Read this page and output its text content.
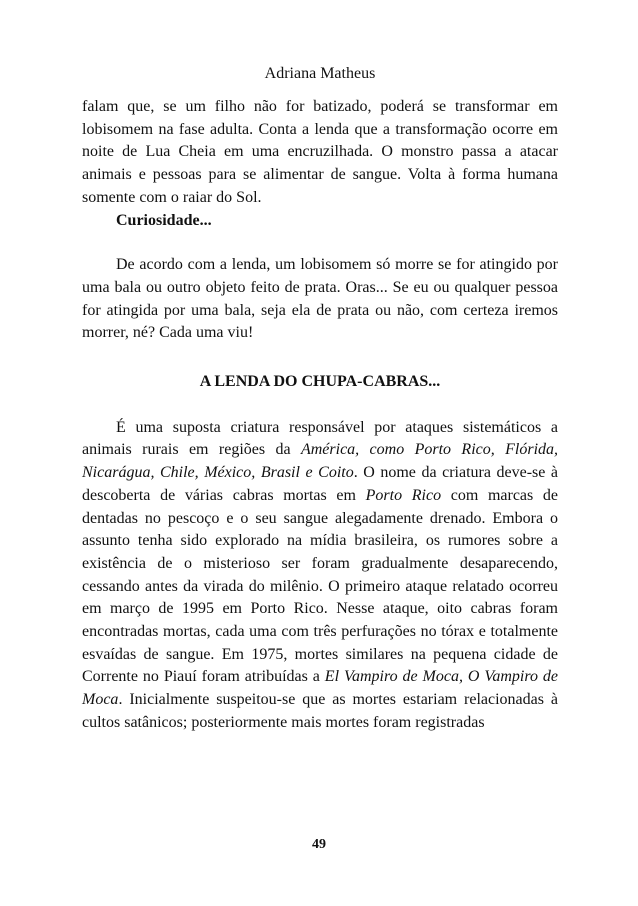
Adriana Matheus

falam que, se um filho não for batizado, poderá se transformar em lobisomem na fase adulta. Conta a lenda que a transformação ocorre em noite de Lua Cheia em uma encruzilhada. O monstro passa a atacar animais e pessoas para se alimentar de sangue. Volta à forma humana somente com o raiar do Sol.

Curiosidade...

De acordo com a lenda, um lobisomem só morre se for atingido por uma bala ou outro objeto feito de prata. Oras... Se eu ou qualquer pessoa for atingida por uma bala, seja ela de prata ou não, com certeza iremos morrer, né? Cada uma viu!

A LENDA DO CHUPA-CABRAS...

É uma suposta criatura responsável por ataques sistemáticos a animais rurais em regiões da América, como Porto Rico, Flórida, Nicarágua, Chile, México, Brasil e Coito. O nome da criatura deve-se à descoberta de várias cabras mortas em Porto Rico com marcas de dentadas no pescoço e o seu sangue alegadamente drenado. Embora o assunto tenha sido explorado na mídia brasileira, os rumores sobre a existência de o misterioso ser foram gradualmente desaparecendo, cessando antes da virada do milênio. O primeiro ataque relatado ocorreu em março de 1995 em Porto Rico. Nesse ataque, oito cabras foram encontradas mortas, cada uma com três perfurações no tórax e totalmente esvaídas de sangue. Em 1975, mortes similares na pequena cidade de Corrente no Piauí foram atribuídas a El Vampiro de Moca, O Vampiro de Moca. Inicialmente suspeitou-se que as mortes estariam relacionadas à cultos satânicos; posteriormente mais mortes foram registradas

49
